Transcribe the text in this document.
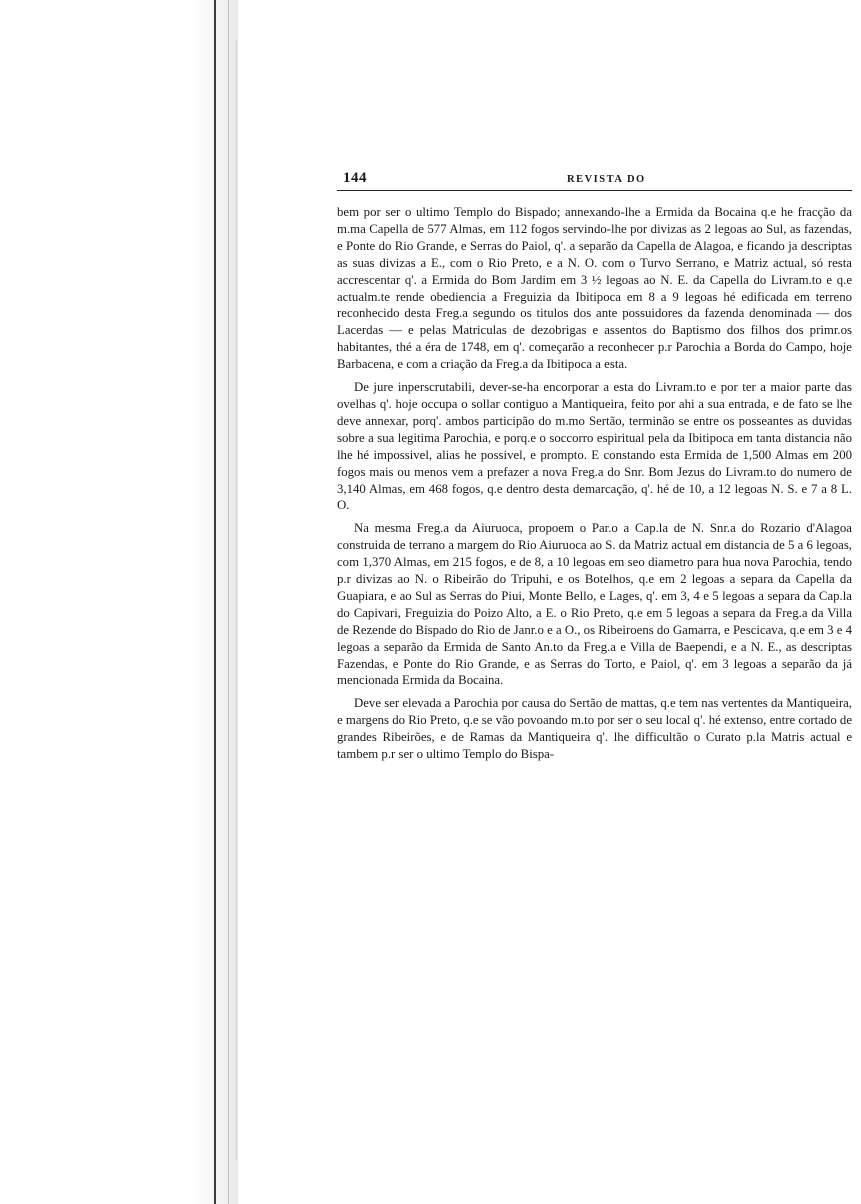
144	REVISTA DO

bem por ser o ultimo Templo do Bispado; annexando-lhe a Ermida da Bocaina q.e he fracção da m.ma Capella de 577 Almas, em 112 fogos servindo-lhe por divizas as 2 legoas ao Sul, as fazendas, e Ponte do Rio Grande, e Serras do Paiol, q'. a separão da Capella de Alagoa, e ficando ja descriptas as suas divizas a E., com o Rio Preto, e a N. O. com o Turvo Serrano, e Matriz actual, só resta accrescentar q'. a Ermida do Bom Jardim em 3 ½ legoas ao N. E. da Capella do Livram.to e q.e actualm.te rende obediencia a Freguizia da Ibitipoca em 8 a 9 legoas hé edificada em terreno reconhecido desta Freg.a segundo os titulos dos ante possuidores da fazenda denominada — dos Lacerdas — e pelas Matriculas de dezobrigas e assentos do Baptismo dos filhos dos primr.os habitantes, thé a éra de 1748, em q'. começarão a reconhecer p.r Parochia a Borda do Campo, hoje Barbacena, e com a criação da Freg.a da Ibitipoca a esta.

De jure inperscrutabili, dever-se-ha encorporar a esta do Livram.to e por ter a maior parte das ovelhas q'. hoje occupa o sollar contiguo a Mantiqueira, feito por ahi a sua entrada, e de fato se lhe deve annexar, porq'. ambos participão do m.mo Sertão, terminão se entre os posseantes as duvidas sobre a sua legitima Parochia, e porq.e o soccorro espiritual pela da Ibitipoca em tanta distancia não lhe hé impossivel, alias he possivel, e prompto. E constando esta Ermida de 1,500 Almas em 200 fogos mais ou menos vem a prefazer a nova Freg.a do Snr. Bom Jezus do Livram.to do numero de 3,140 Almas, em 468 fogos, q.e dentro desta demarcação, q'. hé de 10, a 12 legoas N. S. e 7 a 8 L. O.

Na mesma Freg.a da Aiuruoca, propoem o Par.o a Cap.la de N. Snr.a do Rozario d'Alagoa construida de terrano a margem do Rio Aiuruoca ao S. da Matriz actual em distancia de 5 a 6 legoas, com 1,370 Almas, em 215 fogos, e de 8, a 10 legoas em seo diametro para hua nova Parochia, tendo p.r divizas ao N. o Ribeirão do Tripuhi, e os Botelhos, q.e em 2 legoas a separa da Capella da Guapiara, e ao Sul as Serras do Piui, Monte Bello, e Lages, q'. em 3, 4 e 5 legoas a separa da Cap.la do Capivari, Freguizia do Poizo Alto, a E. o Rio Preto, q.e em 5 legoas a separa da Freg.a da Villa de Rezende do Bispado do Rio de Janr.o e a O., os Ribeiroens do Gamarra, e Pescicava, q.e em 3 e 4 legoas a separão da Ermida de Santo An.to da Freg.a e Villa de Baependi, e a N. E., as descriptas Fazendas, e Ponte do Rio Grande, e as Serras do Torto, e Paiol, q'. em 3 legoas a separão da já mencionada Ermida da Bocaina.

Deve ser elevada a Parochia por causa do Sertão de mattas, q.e tem nas vertentes da Mantiqueira, e margens do Rio Preto, q.e se vão povoando m.to por ser o seu local q'. hé extenso, entre cortado de grandes Ribeirões, e de Ramas da Mantiqueira q'. lhe difficultão o Curato p.la Matris actual e tambem p.r ser o ultimo Templo do Bispa-
